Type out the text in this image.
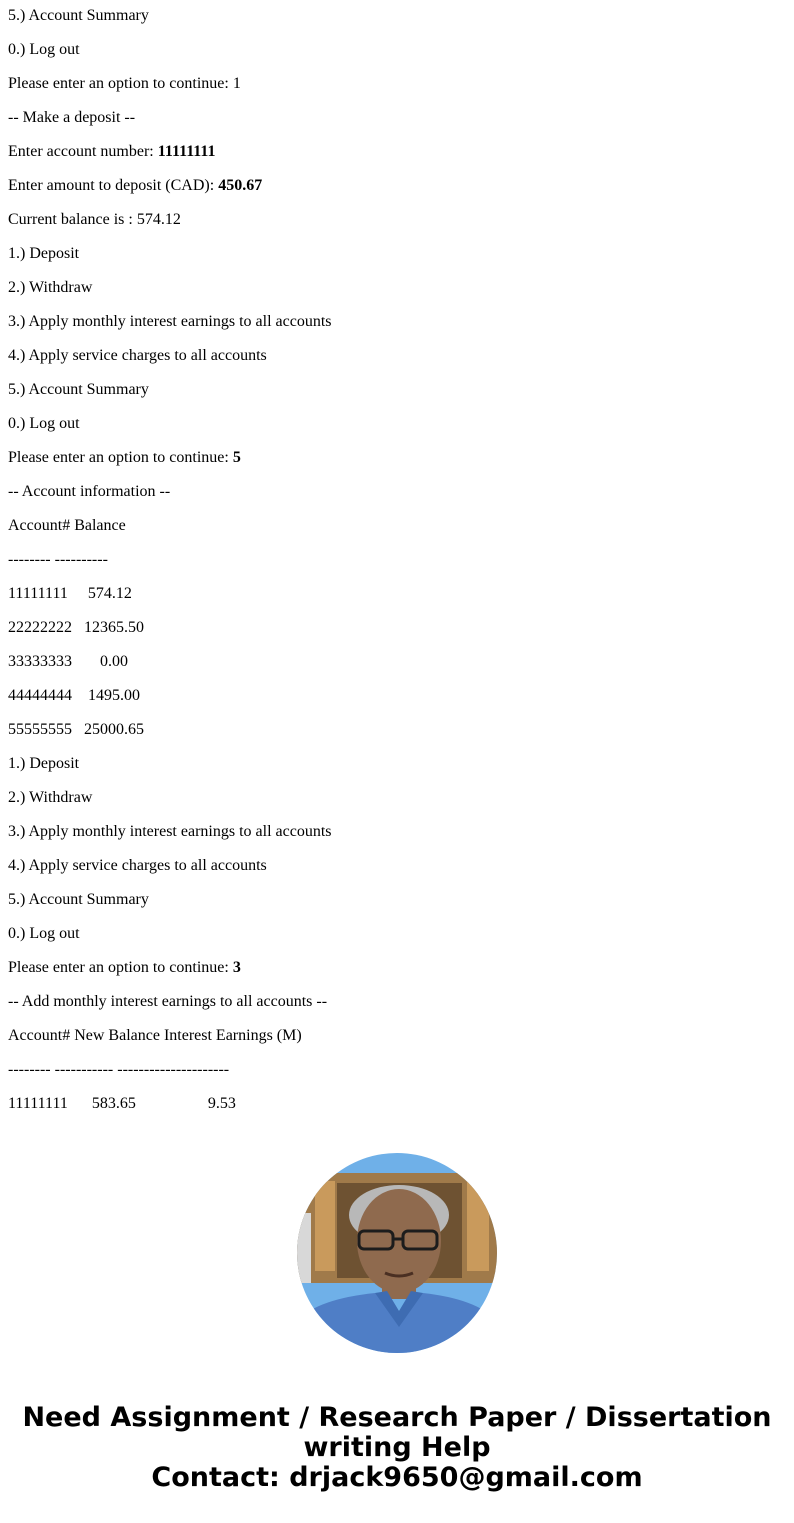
5.) Account Summary
0.) Log out
Please enter an option to continue: 1
-- Make a deposit --
Enter account number: 11111111
Enter amount to deposit (CAD): 450.67
Current balance is : 574.12
1.) Deposit
2.) Withdraw
3.) Apply monthly interest earnings to all accounts
4.) Apply service charges to all accounts
5.) Account Summary
0.) Log out
Please enter an option to continue: 5
-- Account information --
Account# Balance
-------- ----------
11111111     574.12
22222222   12365.50
33333333       0.00
44444444    1495.00
55555555   25000.65
1.) Deposit
2.) Withdraw
3.) Apply monthly interest earnings to all accounts
4.) Apply service charges to all accounts
5.) Account Summary
0.) Log out
Please enter an option to continue: 3
-- Add monthly interest earnings to all accounts --
Account# New Balance Interest Earnings (M)
-------- ----------- ---------------------
11111111      583.65                  9.53
Need Assignment / Research Paper / Dissertation
writing Help
Contact: drjack9650@gmail.com
